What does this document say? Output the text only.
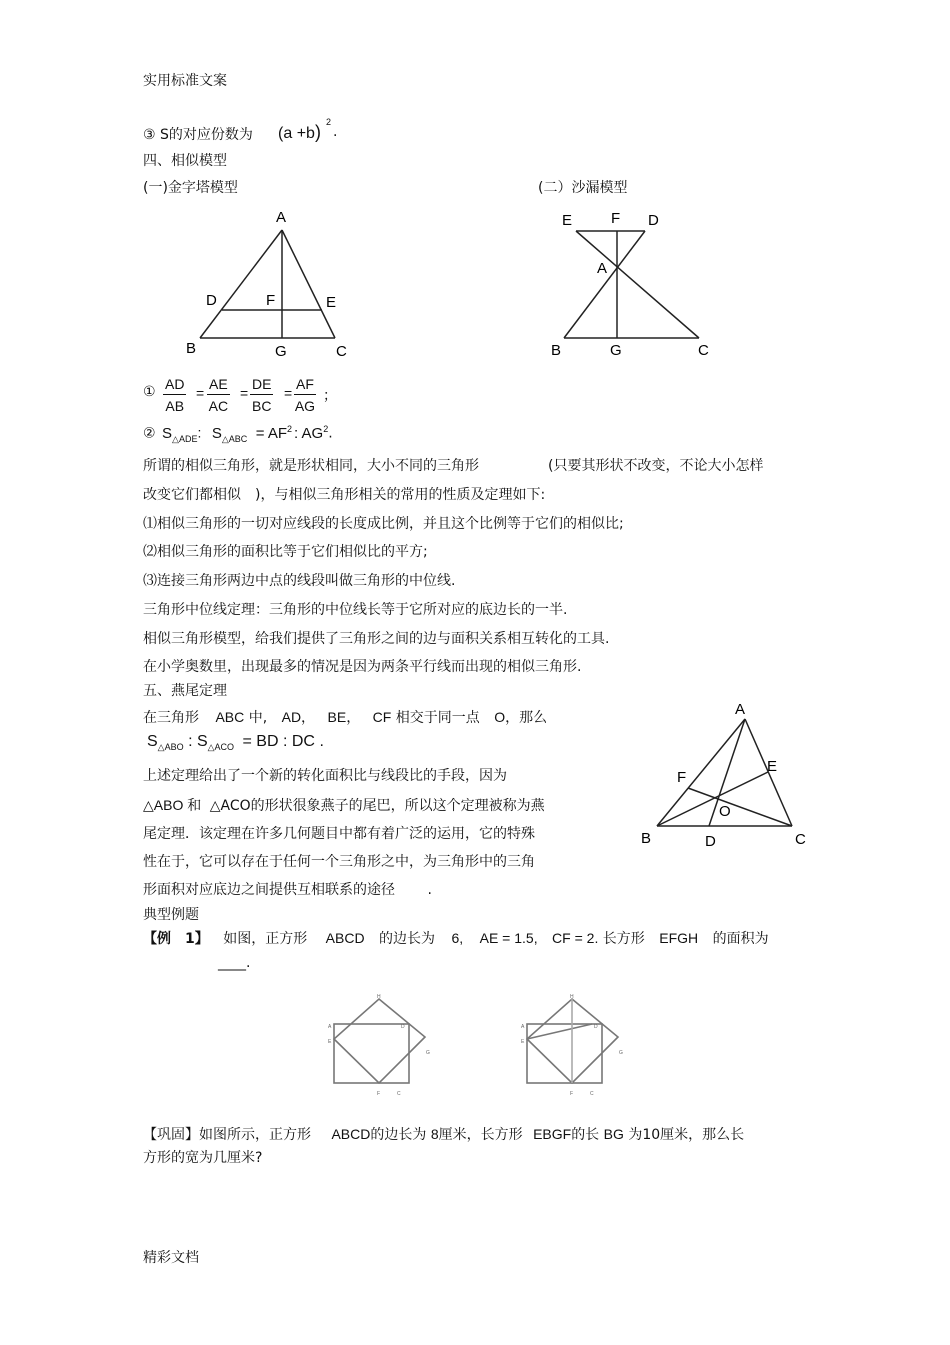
实用标准文案
精彩文档
③ S的对应份数为 (a +b) 2
.
四、相似模型
(一)金字塔模型	(二）沙漏模型
A
D	F	E
B	G	C
E	F D
A
B	G	C
① $\frac{AD}{AB} = \frac{AE}{AC} = \frac{DE}{BC} = \frac{AF}{AG}$ ；
② $S_{\triangle ADE}$: $S_{\triangle ABC} = AF^2$ : $AG^2$.
所谓的相似三角形，就是形状相同，大小不同的三角形	(只要其形状不改变，不论大小怎样
改变它们都相似　)，与相似三角形相关的常用的性质及定理如下:
⑴相似三角形的一切对应线段的长度成比例，并且这个比例等于它们的相似比;
⑵相似三角形的面积比等于它们相似比的平方;
⑶连接三角形两边中点的线段叫做三角形的中位线.
三角形中位线定理：三角形的中位线长等于它所对应的底边长的一半.
相似三角形模型，给我们提供了三角形之间的边与面积关系相互转化的工具.
在小学奥数里，出现最多的情况是因为两条平行线而出现的相似三角形.
五、燕尾定理
在三角形 ABC 中, AD， BE， CF 相交于同一点 O，那么
$S_{\triangle ABO}$ : $S_{\triangle ACO}$ = BD : DC .
上述定理给出了一个新的转化面积比与线段比的手段，因为
△ABO 和 △ACO的形状很象燕子的尾巴，所以这个定理被称为燕
尾定理．该定理在许多几何题目中都有着广泛的运用，它的特殊
性在于，它可以存在于任何一个三角形之中，为三角形中的三角
形面积对应底边之间提供互相联系的途径 .
A
F
E
O
B	D	C
典型例题
【例　1】 如图，正方形 ABCD 的边长为 6, AE = 1.5, CF = 2. 长方形 EFGH 的面积为
____.
H
A
E
D
G
F	C
H
A
E
D
G
F	C
【巩固】如图所示，正方形 ABCD的边长为 8厘米，长方形 EBGF的长 BG 为10厘米，那么长
方形的宽为几厘米?
